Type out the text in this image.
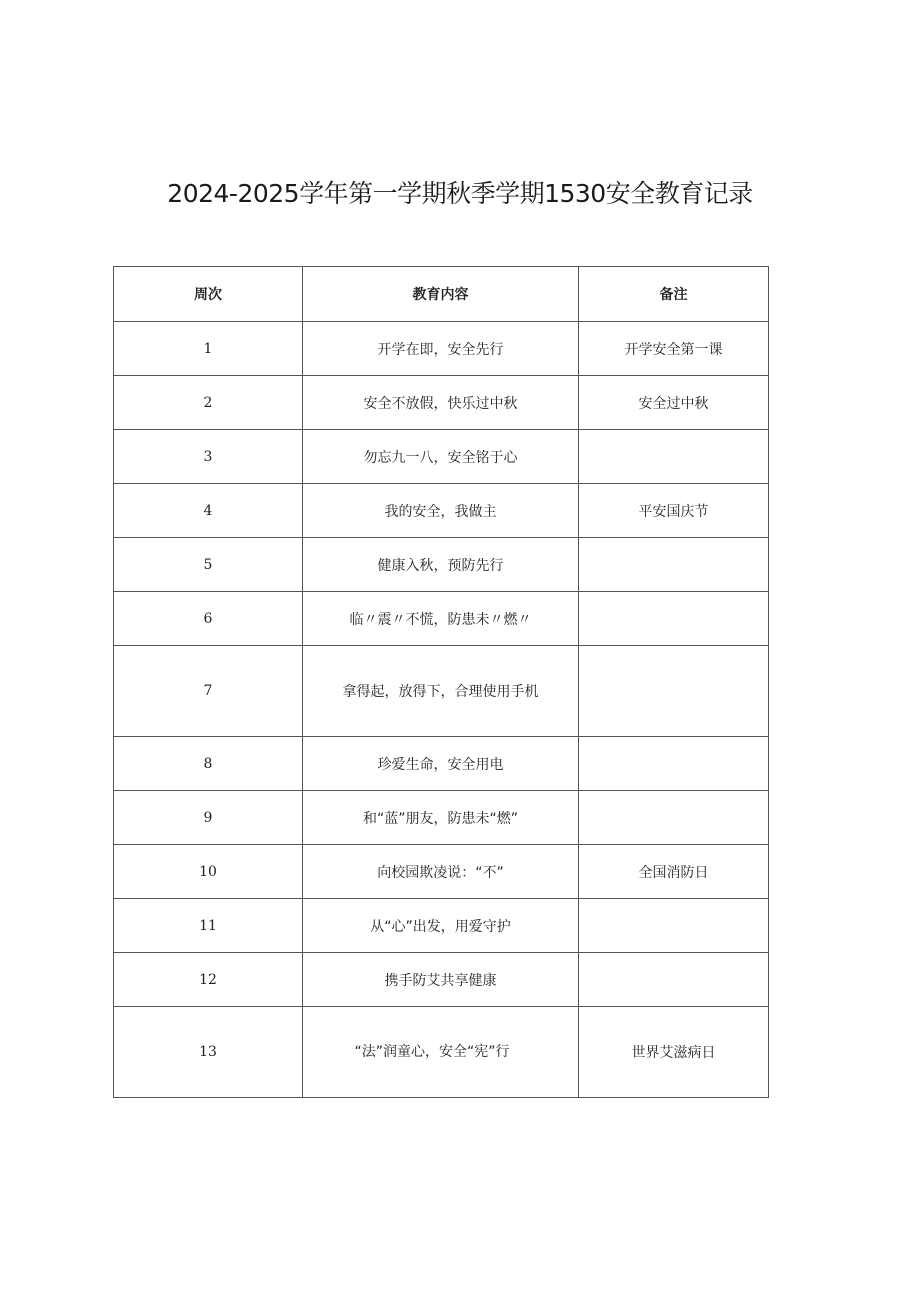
2024-2025学年第一学期秋季学期1530安全教育记录
周次	教育内容	备注
1	开学在即，安全先行	开学安全第一课
2	安全不放假，快乐过中秋	安全过中秋
3	勿忘九一八，安全铭于心	
4	我的安全，我做主	平安国庆节
5	健康入秋，预防先行	
6	临〃震〃不慌，防患未〃燃〃	
7	拿得起，放得下，合理使用手机	
8	珍爱生命，安全用电	
9	和“蓝”朋友，防患未“燃”	
10	向校园欺凌说：“不”	全国消防日
11	从“心”出发，用爱守护	
12	携手防艾共享健康	
13	“法”润童心，安全“宪”行	世界艾滋病日
